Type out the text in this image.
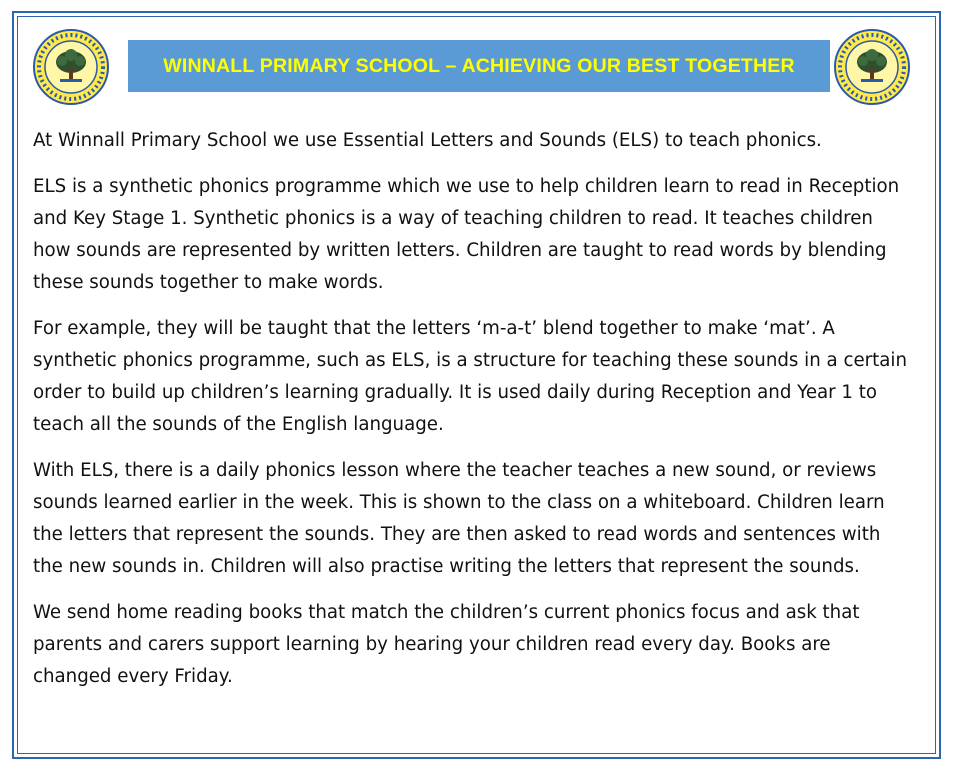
WINNALL PRIMARY SCHOOL – ACHIEVING OUR BEST TOGETHER

At Winnall Primary School we use Essential Letters and Sounds (ELS) to teach phonics.

ELS is a synthetic phonics programme which we use to help children learn to read in Reception and Key Stage 1. Synthetic phonics is a way of teaching children to read. It teaches children how sounds are represented by written letters. Children are taught to read words by blending these sounds together to make words.

For example, they will be taught that the letters ‘m-a-t’ blend together to make ‘mat’. A synthetic phonics programme, such as ELS, is a structure for teaching these sounds in a certain order to build up children’s learning gradually. It is used daily during Reception and Year 1 to teach all the sounds of the English language.

With ELS, there is a daily phonics lesson where the teacher teaches a new sound, or reviews sounds learned earlier in the week. This is shown to the class on a whiteboard. Children learn the letters that represent the sounds. They are then asked to read words and sentences with the new sounds in. Children will also practise writing the letters that represent the sounds.

We send home reading books that match the children’s current phonics focus and ask that parents and carers support learning by hearing your children read every day. Books are changed every Friday.
